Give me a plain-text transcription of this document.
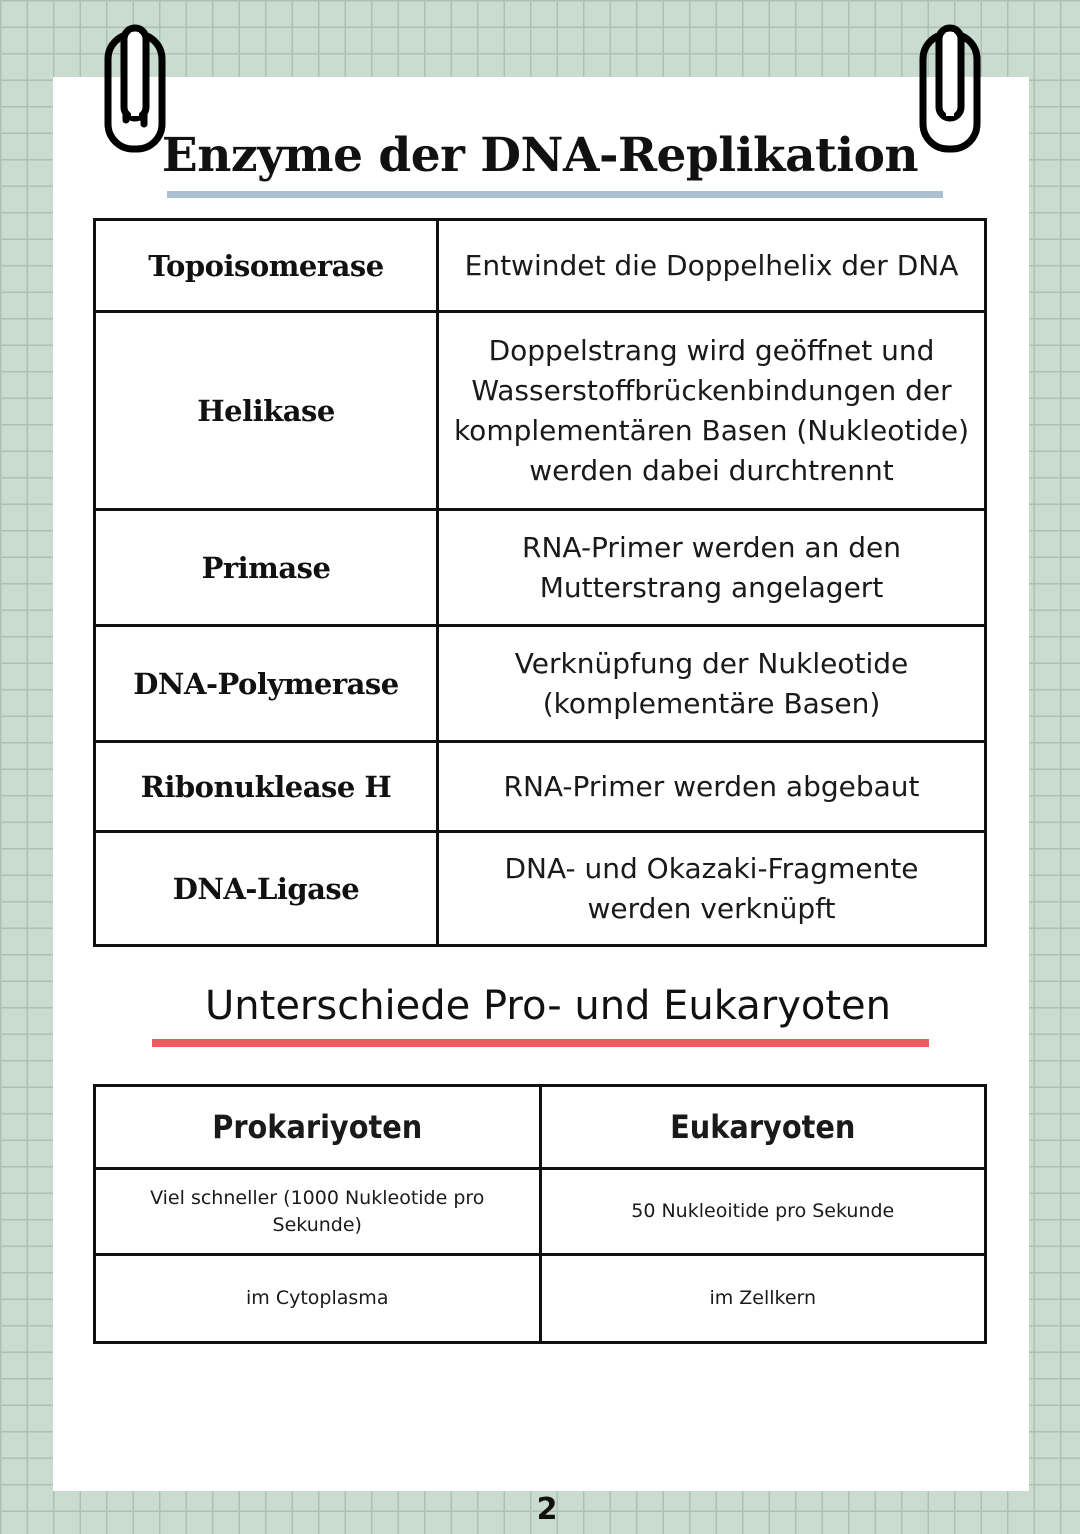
Enzyme der DNA-Replikation
Topoisomerase	Entwindet die Doppelhelix der DNA
Helikase	Doppelstrang wird geöffnet und Wasserstoffbrückenbindungen der komplementären Basen (Nukleotide) werden dabei durchtrennt
Primase	RNA-Primer werden an den Mutterstrang angelagert
DNA-Polymerase	Verknüpfung der Nukleotide (komplementäre Basen)
Ribonuklease H	RNA-Primer werden abgebaut
DNA-Ligase	DNA- und Okazaki-Fragmente werden verknüpft
Unterschiede Pro- und Eukaryoten
Prokariyoten	Eukaryoten
Viel schneller (1000 Nukleotide pro Sekunde)	50 Nukleoitide pro Sekunde
im Cytoplasma	im Zellkern
2
